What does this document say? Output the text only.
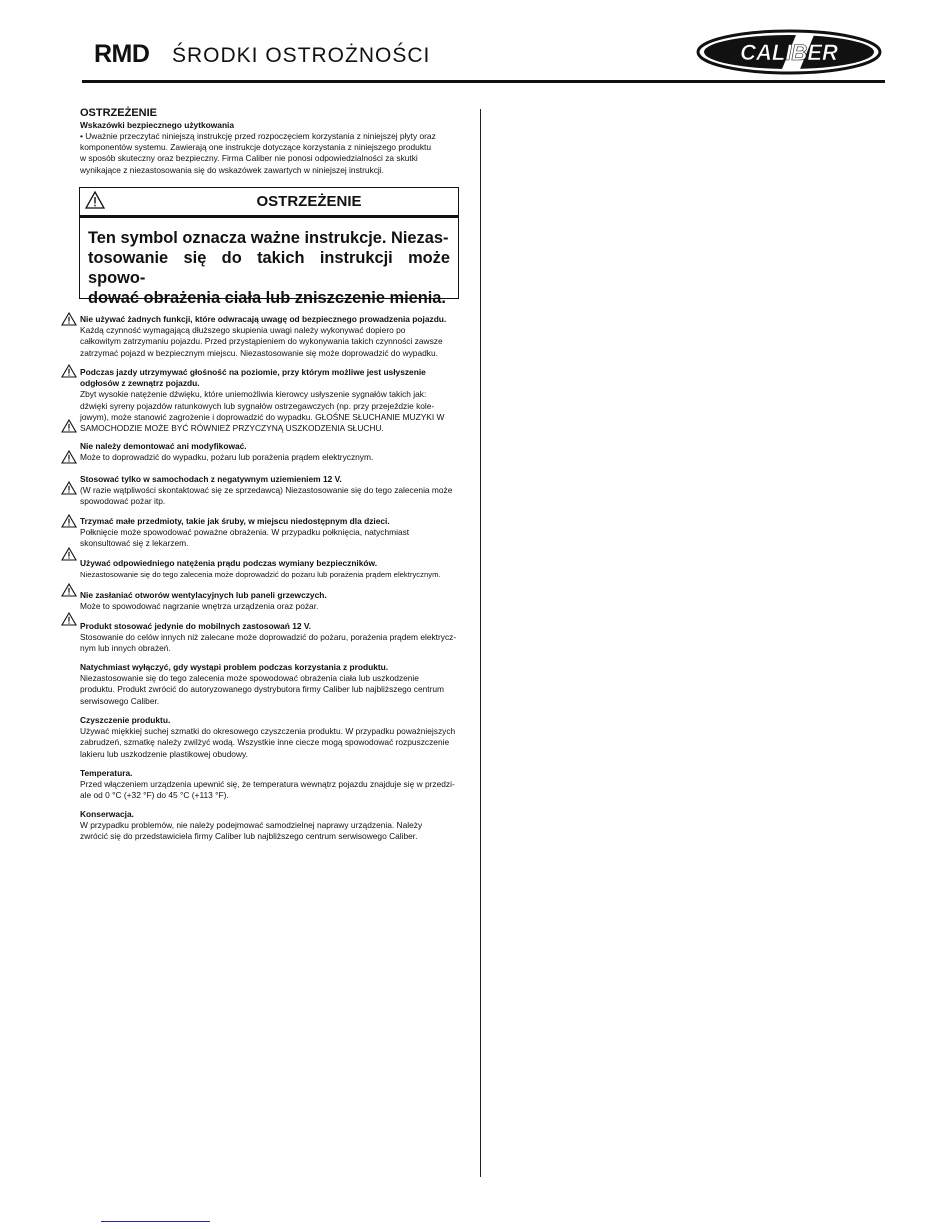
RMD ŚRODKI OSTROŻNOŚCI	CALIBER

OSTRZEŻENIE

Wskazówki bezpiecznego użytkowania

• Uważnie przeczytać niniejszą instrukcję przed rozpoczęciem korzystania z niniejszej płyty oraz

komponentów systemu. Zawierają one instrukcje dotyczące korzystania z niniejszego produktu

w sposób skuteczny oraz bezpieczny. Firma Caliber nie ponosi odpowiedzialności za skutki

wynikające z niezastosowania się do wskazówek zawartych w niniejszej instrukcji.

OSTRZEŻENIE
Ten symbol oznacza ważne instrukcje. Niezas-
tosowanie się do takich instrukcji może spowo-
dować obrażenia ciała lub zniszczenie mienia.

Nie używać żadnych funkcji, które odwracają uwagę od bezpiecznego prowadzenia pojazdu.

Każdą czynność wymagającą dłuższego skupienia uwagi należy wykonywać dopiero po

całkowitym zatrzymaniu pojazdu. Przed przystąpieniem do wykonywania takich czynności zawsze

zatrzymać pojazd w bezpiecznym miejscu. Niezastosowanie się może doprowadzić do wypadku.

Podczas jazdy utrzymywać głośność na poziomie, przy którym możliwe jest usłyszenie

odgłosów z zewnątrz pojazdu.

Zbyt wysokie natężenie dźwięku, które uniemożliwia kierowcy usłyszenie sygnałów takich jak:

dźwięki syreny pojazdów ratunkowych lub sygnałów ostrzegawczych (np. przy przejeździe kole-

jowym), może stanowić zagrożenie i doprowadzić do wypadku. GŁOŚNE SŁUCHANIE MUZYKI W

SAMOCHODZIE MOŻE BYĆ RÓWNIEŻ PRZYCZYNĄ USZKODZENIA SŁUCHU.

Nie należy demontować ani modyfikować.

Może to doprowadzić do wypadku, pożaru lub porażenia prądem elektrycznym.

Stosować tylko w samochodach z negatywnym uziemieniem 12 V.

(W razie wątpliwości skontaktować się ze sprzedawcą) Niezastosowanie się do tego zalecenia może

spowodować pożar itp.

Trzymać małe przedmioty, takie jak śruby, w miejscu niedostępnym dla dzieci.

Połknięcie może spowodować poważne obrażenia. W przypadku połknięcia, natychmiast

skonsultować się z lekarzem.

Używać odpowiedniego natężenia prądu podczas wymiany bezpieczników.

Niezastosowanie się do tego zalecenia może doprowadzić do pożaru lub porażenia prądem elektrycznym.

Nie zasłaniać otworów wentylacyjnych lub paneli grzewczych.

Może to spowodować nagrzanie wnętrza urządzenia oraz pożar.

Produkt stosować jedynie do mobilnych zastosowań 12 V.

Stosowanie do celów innych niż zalecane może doprowadzić do pożaru, porażenia prądem elektrycz-

nym lub innych obrażeń.

Natychmiast wyłączyć, gdy wystąpi problem podczas korzystania z produktu.

Niezastosowanie się do tego zalecenia może spowodować obrażenia ciała lub uszkodzenie

produktu. Produkt zwrócić do autoryzowanego dystrybutora firmy Caliber lub najbliższego centrum

serwisowego Caliber.

Czyszczenie produktu.

Używać miękkiej suchej szmatki do okresowego czyszczenia produktu. W przypadku poważniejszych

zabrudzeń, szmatkę należy zwilżyć wodą. Wszystkie inne ciecze mogą spowodować rozpuszczenie

lakieru lub uszkodzenie plastikowej obudowy.

Temperatura.

Przed włączeniem urządzenia upewnić się, że temperatura wewnątrz pojazdu znajduje się w przedzi-

ale od 0 °C (+32 °F) do 45 °C (+113 °F).

Konserwacja.

W przypadku problemów, nie należy podejmować samodzielnej naprawy urządzenia. Należy

zwrócić się do przedstawiciela firmy Caliber lub najbliższego centrum serwisowego Caliber.
